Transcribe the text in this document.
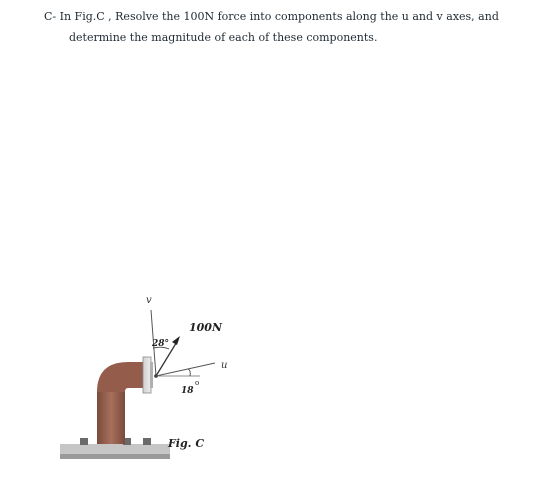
C- In Fig.C , Resolve the 100N force into components along the u and v axes, and
determine the magnitude of each of these components.

v
100N
28°
u
18
o
Fig. C
